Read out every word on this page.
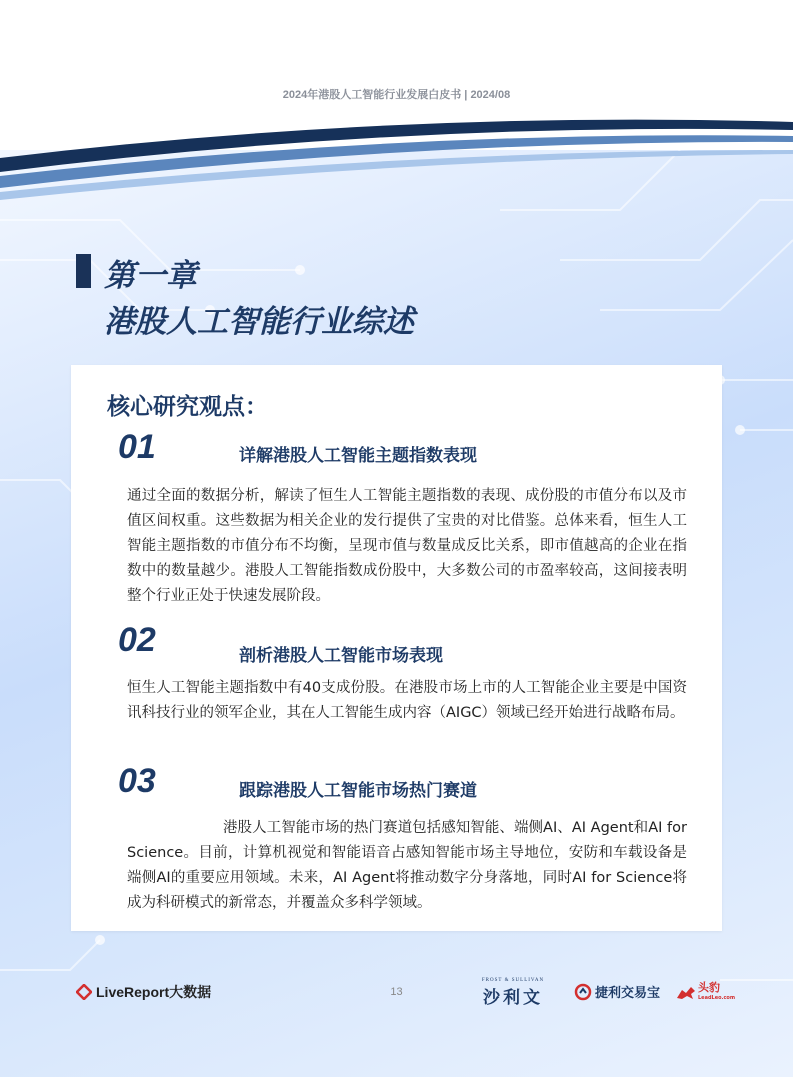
2024年港股人工智能行业发展白皮书 | 2024/08
第一章
港股人工智能行业综述
核心研究观点：
01	详解港股人工智能主题指数表现
通过全面的数据分析，解读了恒生人工智能主题指数的表现、成份股的市值分布以及市值区间权重。这些数据为相关企业的发行提供了宝贵的对比借鉴。总体来看，恒生人工智能主题指数的市值分布不均衡，呈现市值与数量成反比关系，即市值越高的企业在指数中的数量越少。港股人工智能指数成份股中，大多数公司的市盈率较高，这间接表明整个行业正处于快速发展阶段。
02	剖析港股人工智能市场表现
恒生人工智能主题指数中有40支成份股。在港股市场上市的人工智能企业主要是中国资讯科技行业的领军企业，其在人工智能生成内容（AIGC）领域已经开始进行战略布局。
03	跟踪港股人工智能市场热门赛道
港股人工智能市场的热门赛道包括感知智能、端侧AI、AI Agent和AI for Science。目前，计算机视觉和智能语音占感知智能市场主导地位，安防和车载设备是端侧AI的重要应用领域。未来，AI Agent将推动数字分身落地，同时AI for Science将成为科研模式的新常态，并覆盖众多科学领域。
LiveReport大数据	13
FROST & SULLIVAN
沙利文	捷利交易宝	头豹
LeadLeo.com
